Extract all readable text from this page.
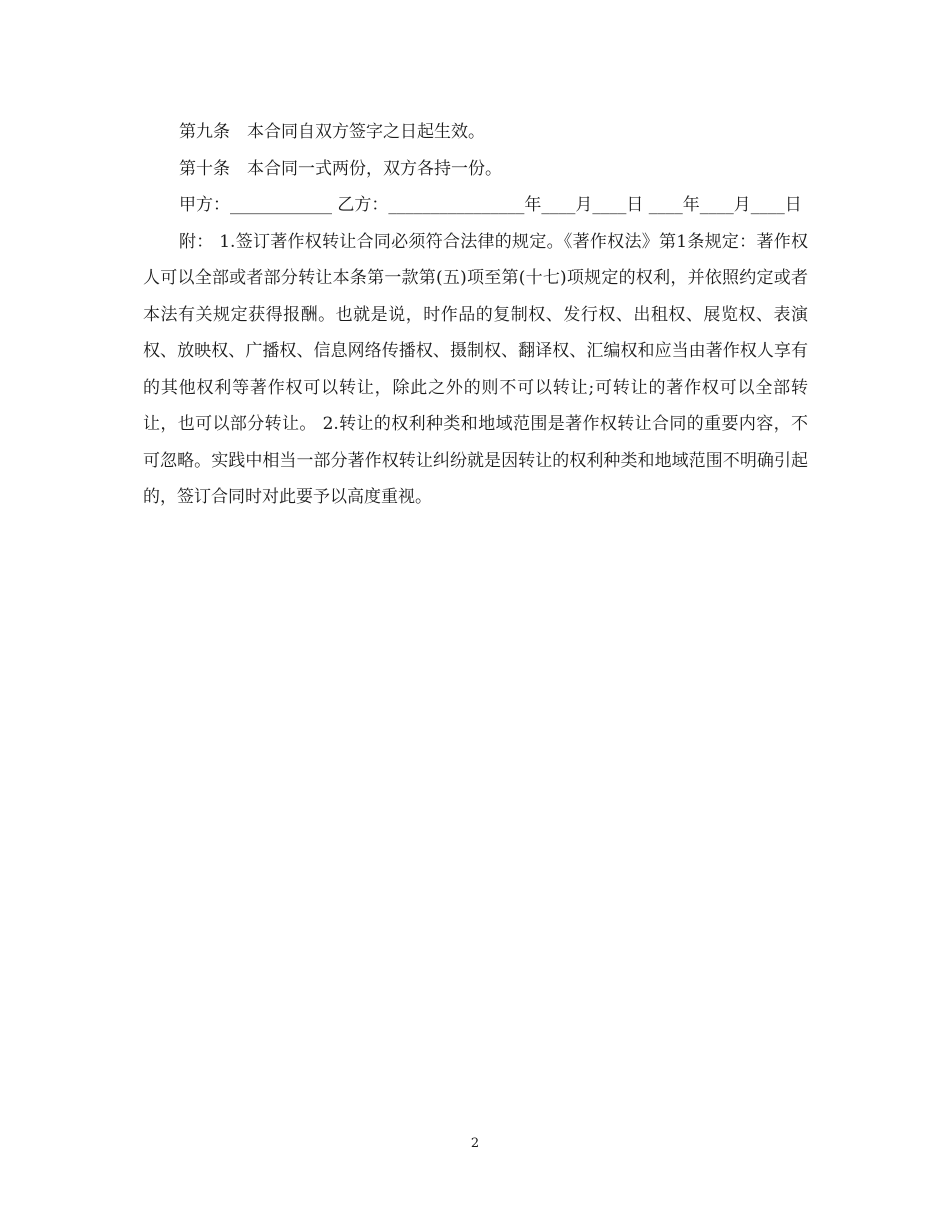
第九条　本合同自双方签字之日起生效。

第十条　本合同一式两份，双方各持一份。

甲方：____________ 乙方：________________年____月____日 ____年____月____日

附： 1.签订著作权转让合同必须符合法律的规定。《著作权法》第1条规定：著作权人可以全部或者部分转让本条第一款第(五)项至第(十七)项规定的权利，并依照约定或者本法有关规定获得报酬。也就是说，时作品的复制权、发行权、出租权、展览权、表演权、放映权、广播权、信息网络传播权、摄制权、翻译权、汇编权和应当由著作权人享有的其他权利等著作权可以转让，除此之外的则不可以转让;可转让的著作权可以全部转让，也可以部分转让。 2.转让的权利种类和地域范围是著作权转让合同的重要内容，不可忽略。实践中相当一部分著作权转让纠纷就是因转让的权利种类和地域范围不明确引起的，签订合同时对此要予以高度重视。

2
